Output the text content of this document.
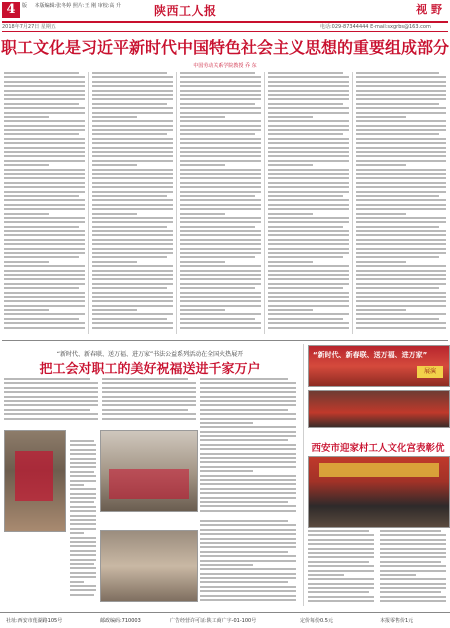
4	版 本版编辑:张冬婷 照片:王 刚 审校:高 升	陕西工人报	视 野
2018年7月27日 星期五	电话:029-87344444 E-mail:sxgrbs@163.com
职工文化是习近平新时代中国特色社会主义思想的重要组成部分
中国劳动关系学院教授 乔 东
“新时代、新春联、送万福、进万家”书法公益系列活动在全国火热展开
把工会对职工的美好祝福送进千家万户
“新时代、新春联、送万福、进万家”
展演
西安市迎家村工人文化宫表彰优
社址:西安市莲湖路105号	邮政编码:710003	广告经营许可证:陕工商广字-01-100号	定价每份0.5元	本报零售价1元
